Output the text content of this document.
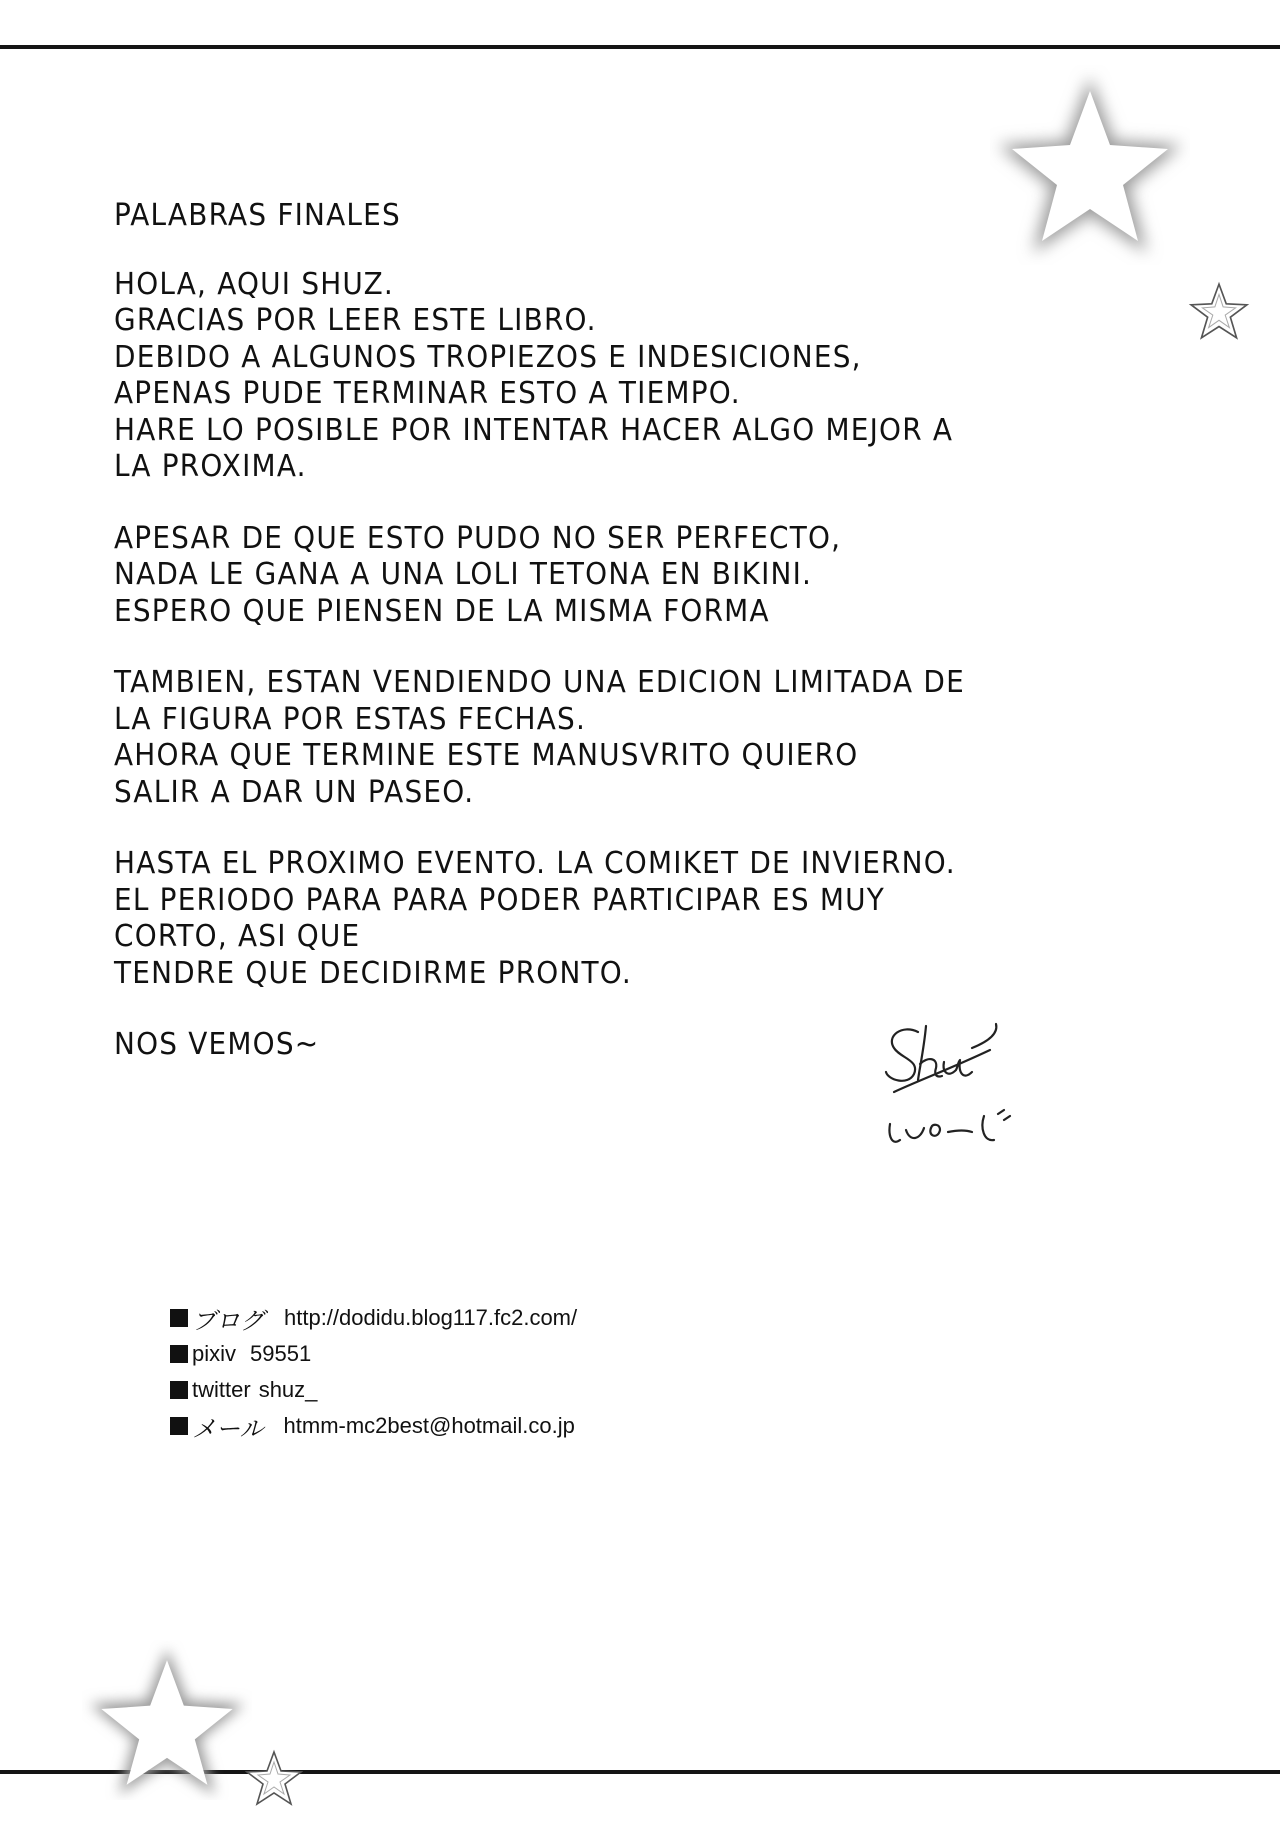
PALABRAS FINALES
HOLA, AQUI SHUZ.
GRACIAS POR LEER ESTE LIBRO.
DEBIDO A ALGUNOS TROPIEZOS E INDESICIONES,
APENAS PUDE TERMINAR ESTO A TIEMPO.
HARE LO POSIBLE POR INTENTAR HACER ALGO MEJOR A
LA PROXIMA.
APESAR DE QUE ESTO PUDO NO SER PERFECTO,
NADA LE GANA A UNA LOLI TETONA EN BIKINI.
ESPERO QUE PIENSEN DE LA MISMA FORMA
TAMBIEN, ESTAN VENDIENDO UNA EDICION LIMITADA DE
LA FIGURA POR ESTAS FECHAS.
AHORA QUE TERMINE ESTE MANUSVRITO QUIERO
SALIR A DAR UN PASEO.
HASTA EL PROXIMO EVENTO. LA COMIKET DE INVIERNO.
EL PERIODO PARA PARA PODER PARTICIPAR ES MUY
CORTO, ASI QUE
TENDRE QUE DECIDIRME PRONTO.
NOS VEMOS~
ブログ http://dodidu.blog117.fc2.com/
pixiv 59551
twitter shuz_
メール htmm-mc2best@hotmail.co.jp
